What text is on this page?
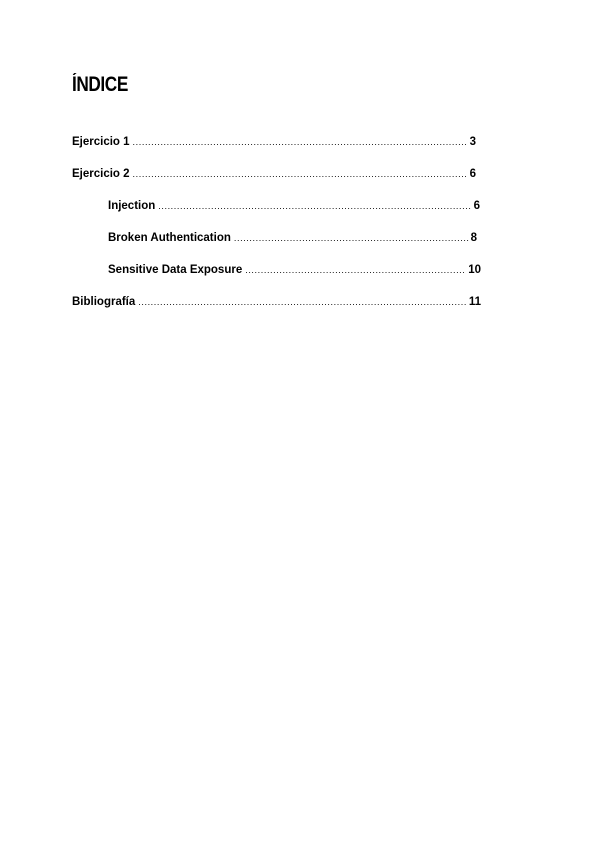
ÍNDICE
Ejercicio 1 .....	3
Ejercicio 2 .....	6
Injection .....	6
Broken Authentication .....	8
Sensitive Data Exposure .....	10
Bibliografía .....	11
